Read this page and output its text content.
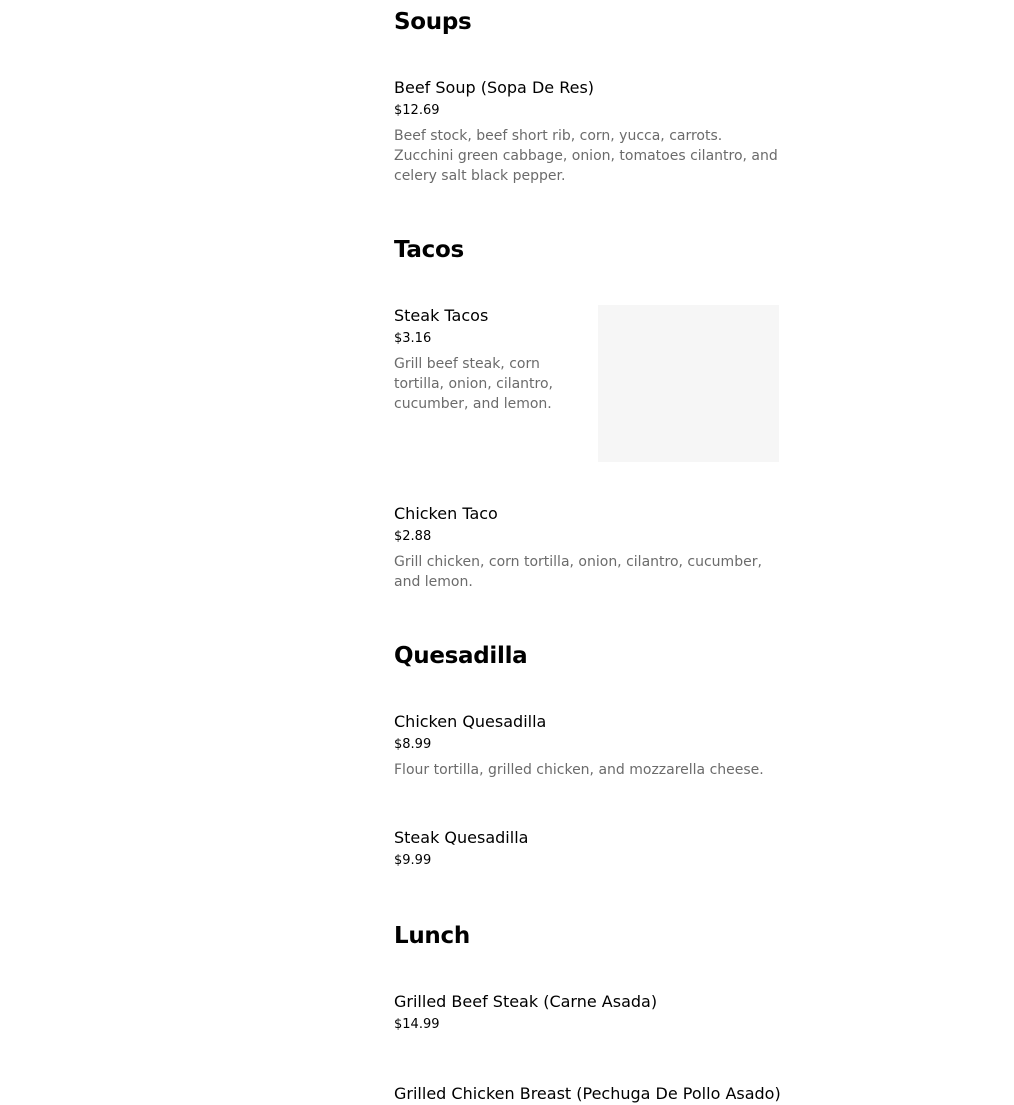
Soups
Beef Soup (Sopa De Res)
$12.69
Beef stock, beef short rib, corn, yucca, carrots. Zucchini green cabbage, onion, tomatoes cilantro, and celery salt black pepper.
Tacos
Steak Tacos
$3.16
Grill beef steak, corn tortilla, onion, cilantro, cucumber, and lemon.
Chicken Taco
$2.88
Grill chicken, corn tortilla, onion, cilantro, cucumber, and lemon.
Quesadilla
Chicken Quesadilla
$8.99
Flour tortilla, grilled chicken, and mozzarella cheese.
Steak Quesadilla
$9.99
Lunch
Grilled Beef Steak (Carne Asada)
$14.99
Grilled Chicken Breast (Pechuga De Pollo Asado)
